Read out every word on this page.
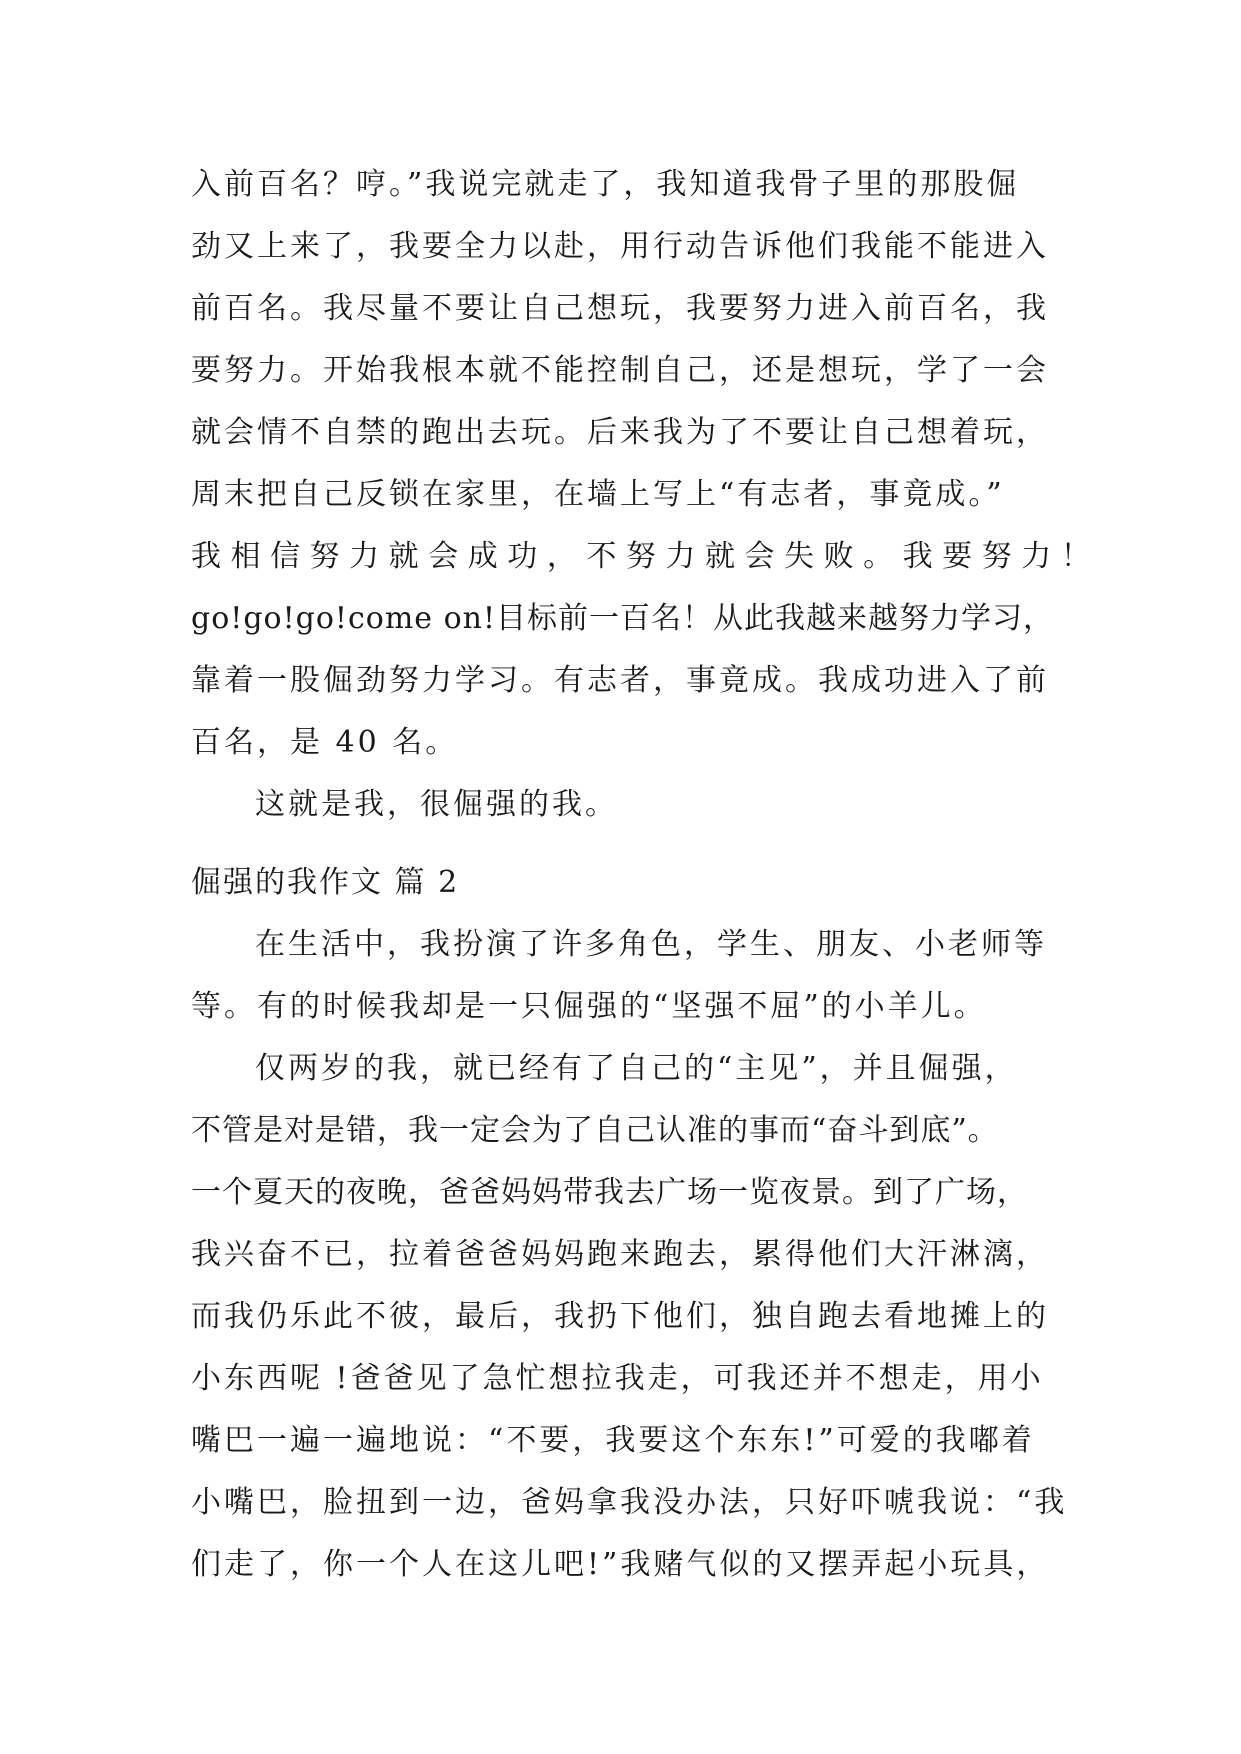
入前百名？哼。”我说完就走了，我知道我骨子里的那股倔
劲又上来了，我要全力以赴，用行动告诉他们我能不能进入
前百名。我尽量不要让自己想玩，我要努力进入前百名，我
要努力。开始我根本就不能控制自己，还是想玩，学了一会
就会情不自禁的跑出去玩。后来我为了不要让自己想着玩，
周末把自己反锁在家里，在墙上写上“有志者，事竟成。”
我 相 信 努 力 就 会 成 功 ， 不 努 力 就 会 失 败 。 我 要 努 力 ！
go!go!go!come on!目标前一百名！从此我越来越努力学习，
靠着一股倔劲努力学习。有志者，事竟成。我成功进入了前
百名，是 40 名。
这就是我，很倔强的我。
倔强的我作文 篇 2
在生活中，我扮演了许多角色，学生、朋友、小老师等
等。有的时候我却是一只倔强的“坚强不屈”的小羊儿。
仅两岁的我，就已经有了自己的“主见”，并且倔强，
不管是对是错，我一定会为了自己认准的事而“奋斗到底”。
一个夏天的夜晚，爸爸妈妈带我去广场一览夜景。到了广场，
我兴奋不已，拉着爸爸妈妈跑来跑去，累得他们大汗淋漓，
而我仍乐此不彼，最后，我扔下他们，独自跑去看地摊上的
小东西呢 !爸爸见了急忙想拉我走，可我还并不想走，用小
嘴巴一遍一遍地说：“不要，我要这个东东!”可爱的我嘟着
小嘴巴，脸扭到一边，爸妈拿我没办法，只好吓唬我说：“我
们走了，你一个人在这儿吧!”我赌气似的又摆弄起小玩具，
